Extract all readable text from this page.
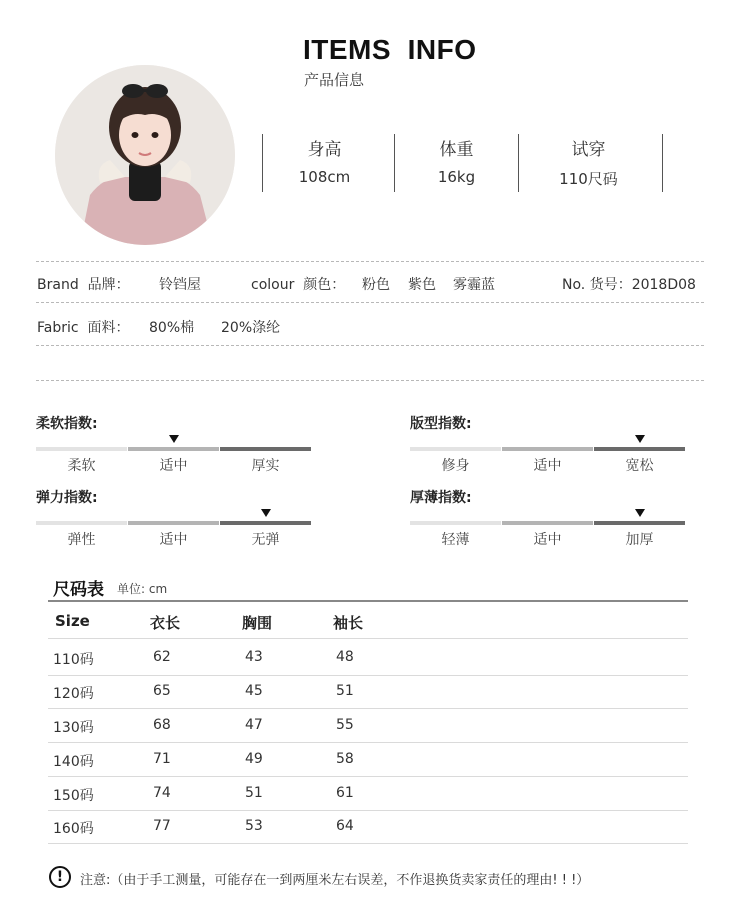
ITEMS  INFO
产品信息
身高
108cm
体重
16kg
试穿
110尺码
Brand  品牌： 铃铛屋	colour  颜色： 粉色 紫色 雾霾蓝	No. 货号：2018D08
Fabric  面料： 80%棉 20%涤纶
柔软指数:
柔软	适中	厚实
版型指数:
修身	适中	宽松
弹力指数:
弹性	适中	无弹
厚薄指数:
轻薄	适中	加厚
尺码表 单位: cm
Size	衣长	胸围	袖长
110码	62	43	48
120码	65	45	51
130码	68	47	55
140码	71	49	58
150码	74	51	61
160码	77	53	64
!	注意:（由于手工测量，可能存在一到两厘米左右误差，不作退换货卖家责任的理由! ! !）
